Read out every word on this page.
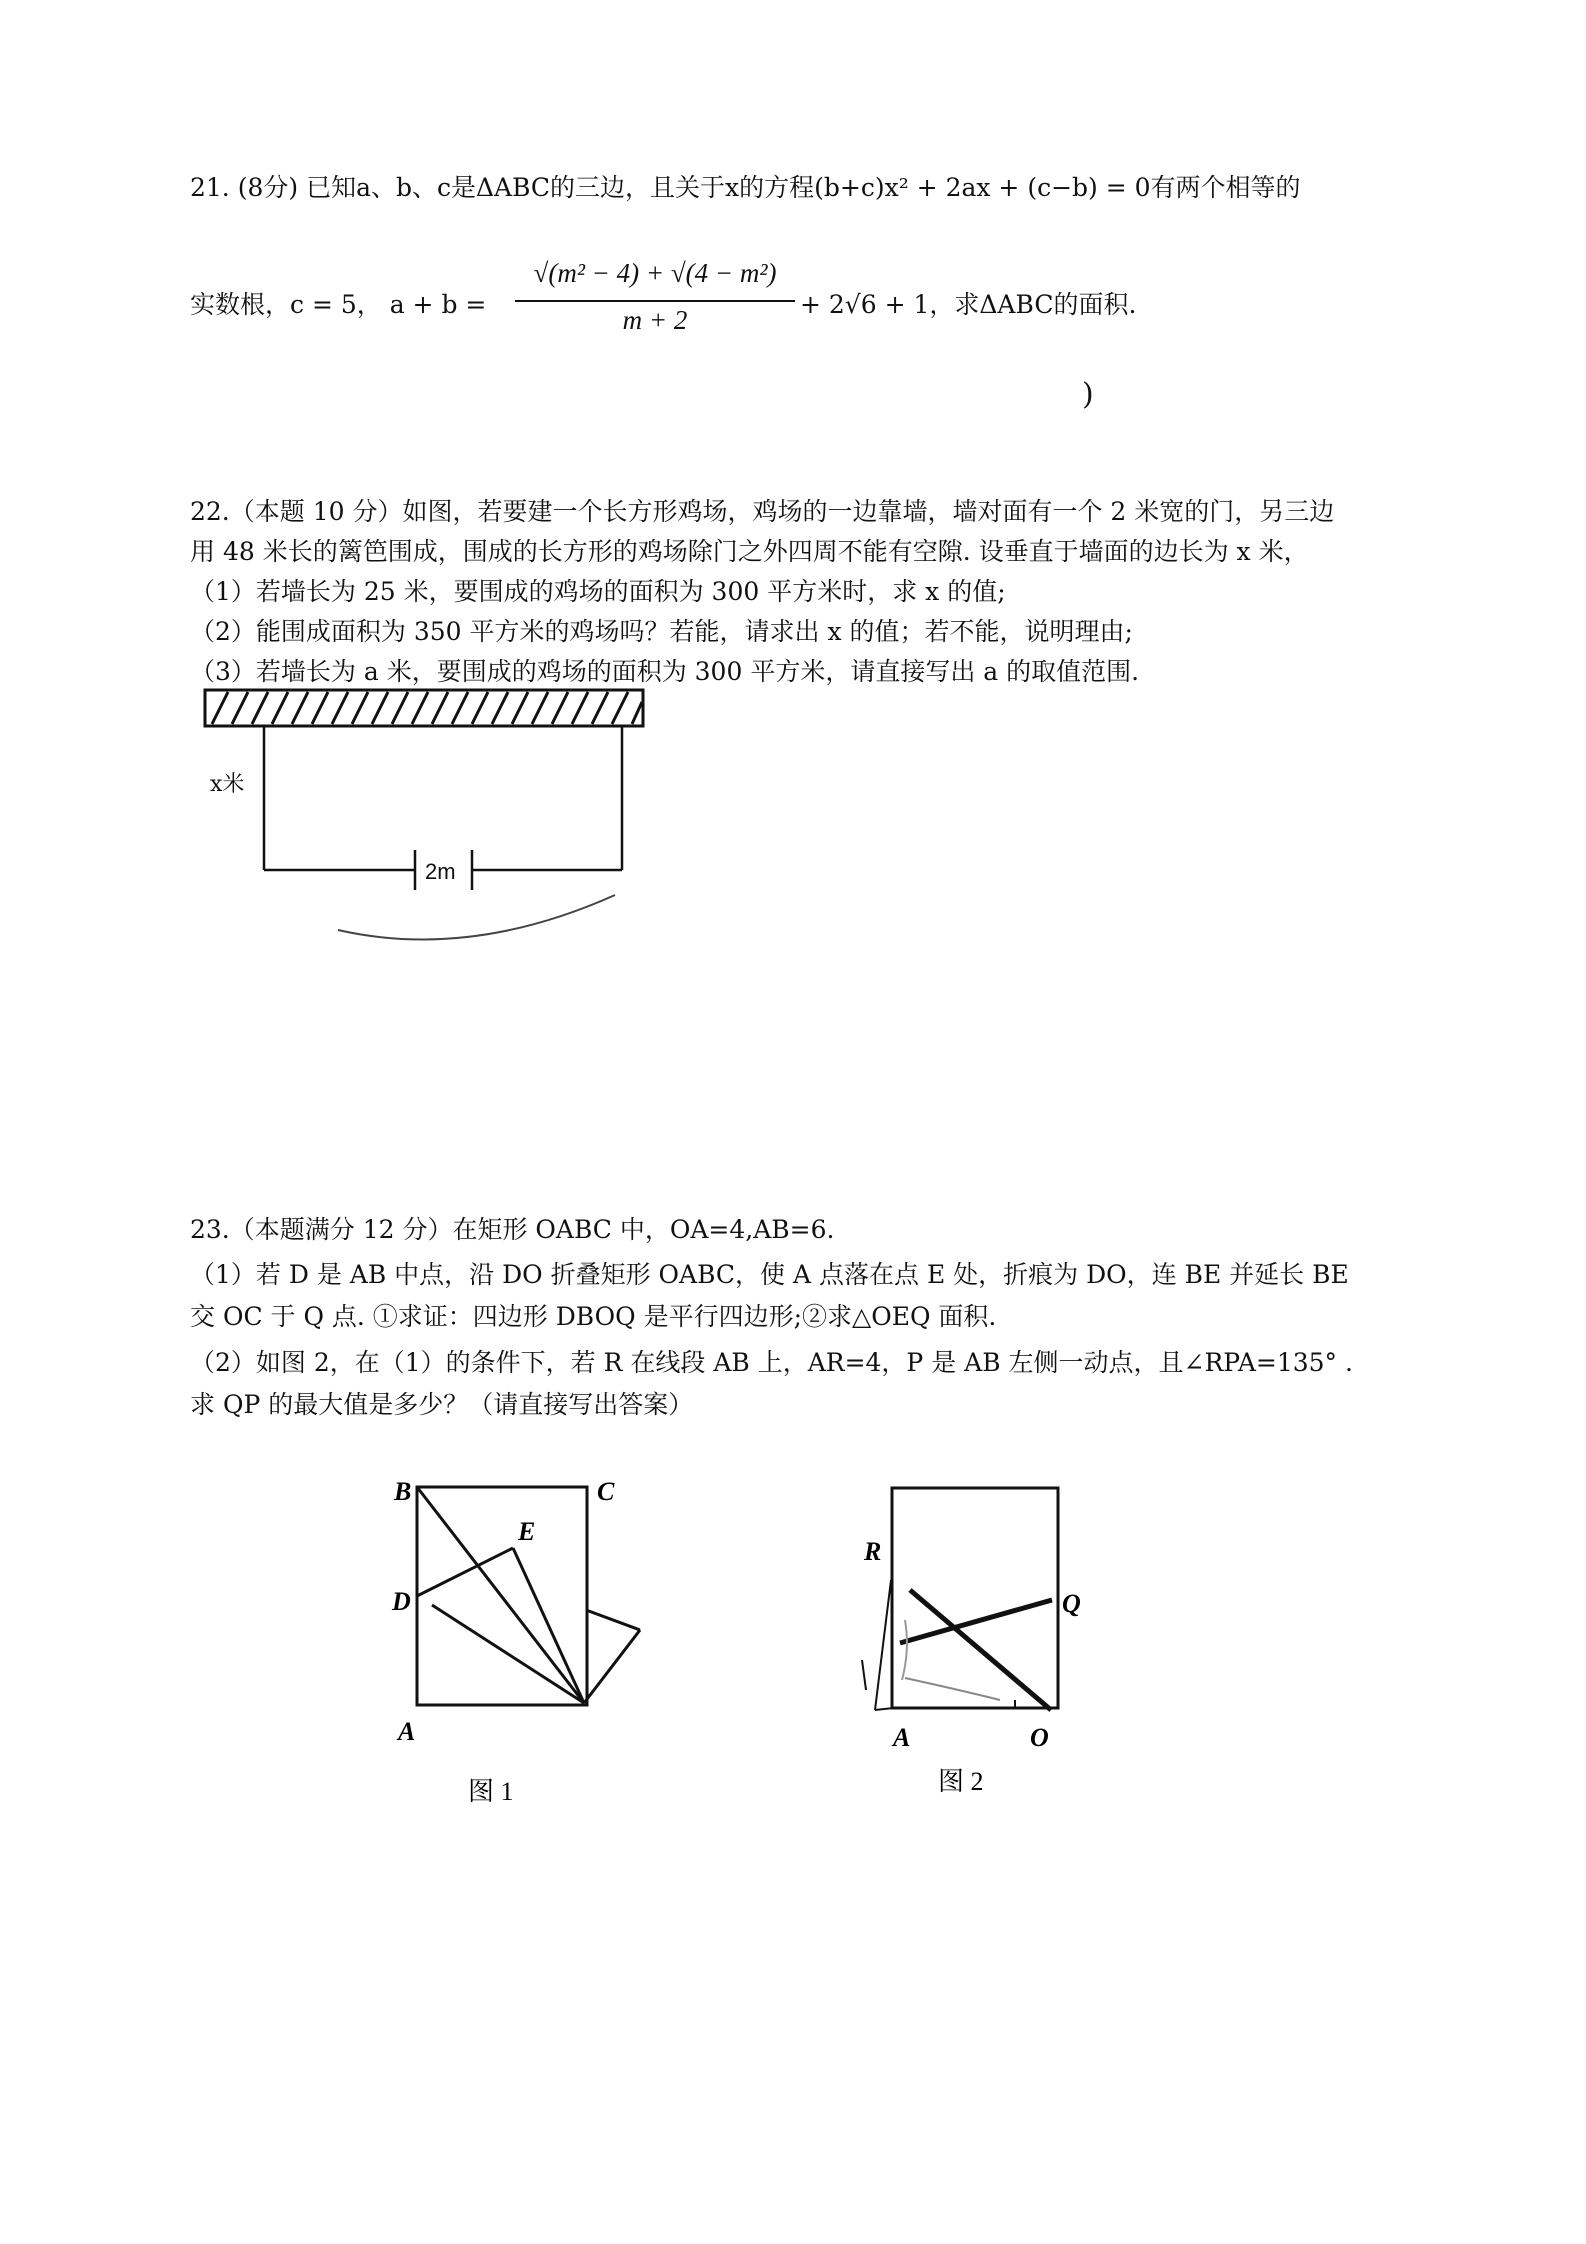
21. (8分) 已知a、b、c是ΔABC的三边，且关于x的方程(b+c)x² + 2ax + (c−b) = 0有两个相等的
实数根，c = 5， a + b =
√(m² − 4) + √(4 − m²)
m + 2
+ 2√6 + 1，求ΔABC的面积.
)
22.（本题 10 分）如图，若要建一个长方形鸡场，鸡场的一边靠墙，墙对面有一个 2 米宽的门，另三边
用 48 米长的篱笆围成，围成的长方形的鸡场除门之外四周不能有空隙. 设垂直于墙面的边长为 x 米，
（1）若墙长为 25 米，要围成的鸡场的面积为 300 平方米时，求 x 的值;
（2）能围成面积为 350 平方米的鸡场吗？若能，请求出 x 的值；若不能，说明理由;
（3）若墙长为 a 米，要围成的鸡场的面积为 300 平方米，请直接写出 a 的取值范围.
x米
2m
23.（本题满分 12 分）在矩形 OABC 中，OA=4,AB=6.
（1）若 D 是 AB 中点，沿 DO 折叠矩形 OABC，使 A 点落在点 E 处，折痕为 DO，连 BE 并延长 BE
交 OC 于 Q 点. ①求证：四边形 DBOQ 是平行四边形;②求△OEQ 面积.
（2）如图 2，在（1）的条件下，若 R 在线段 AB 上，AR=4，P 是 AB 左侧一动点，且∠RPA=135° .
求 QP 的最大值是多少？（请直接写出答案）
B	C
E
D
A
图 1
R
Q
A	O
图 2
